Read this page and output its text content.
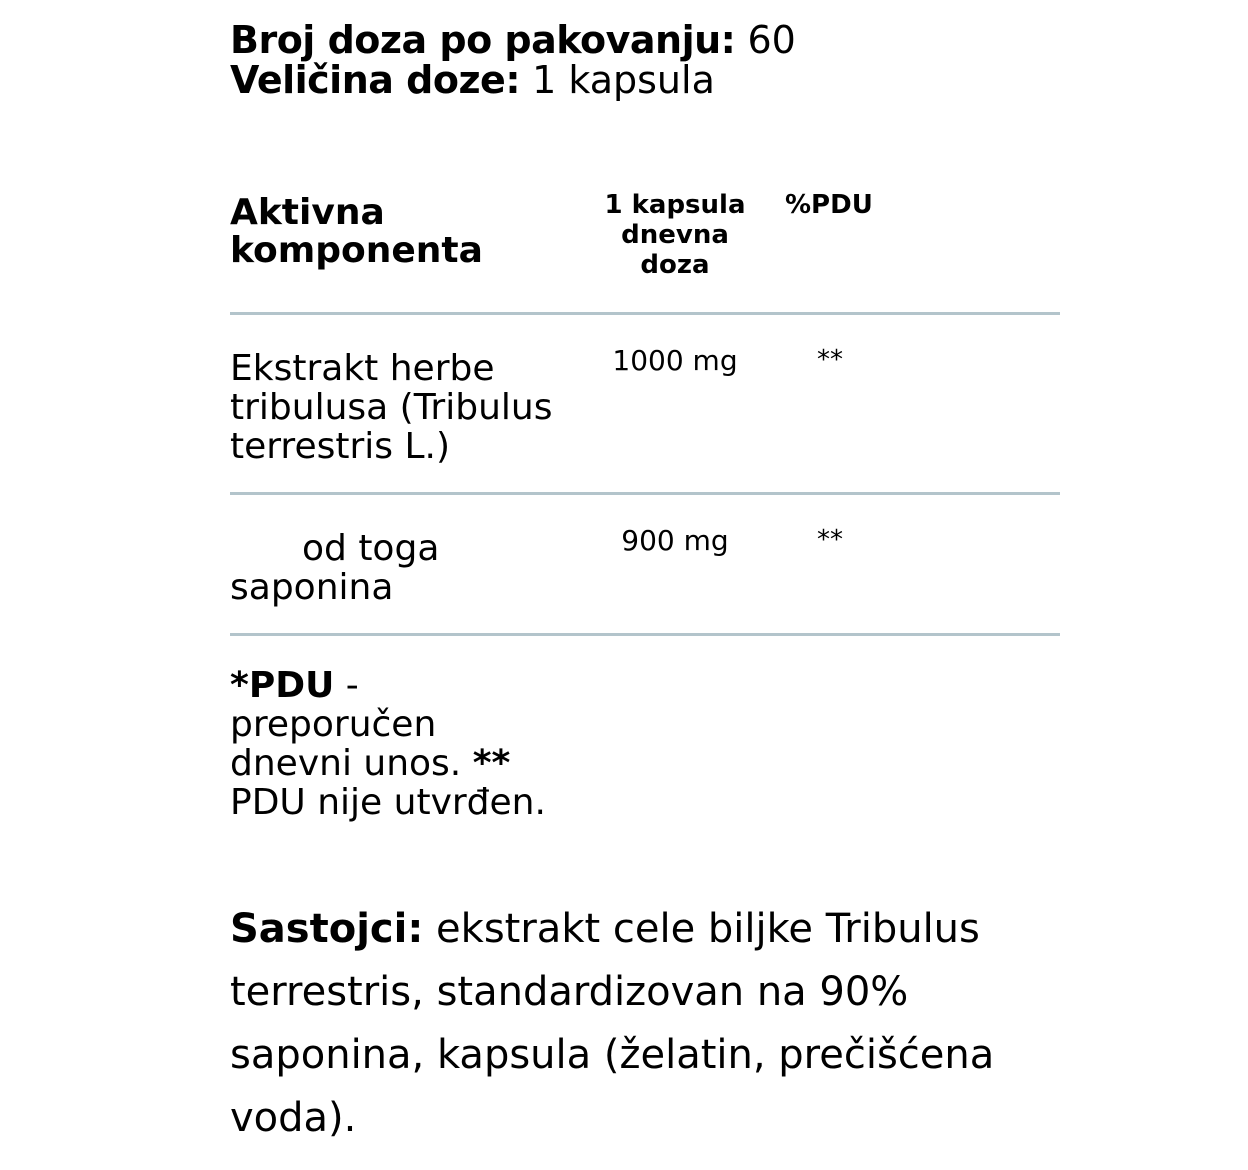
Broj doza po pakovanju: 60
Veličina doze: 1 kapsula
Aktivna
komponenta
1 kapsula
dnevna
doza
%PDU
Ekstrakt herbe
tribulusa (Tribulus
terrestris L.)
1000 mg	**
od toga
saponina
900 mg	**
*PDU -
preporučen
dnevni unos. **
PDU nije utvrđen.
Sastojci: ekstrakt cele biljke Tribulus terrestris, standardizovan na 90% saponina, kapsula (želatin, prečišćena voda).
